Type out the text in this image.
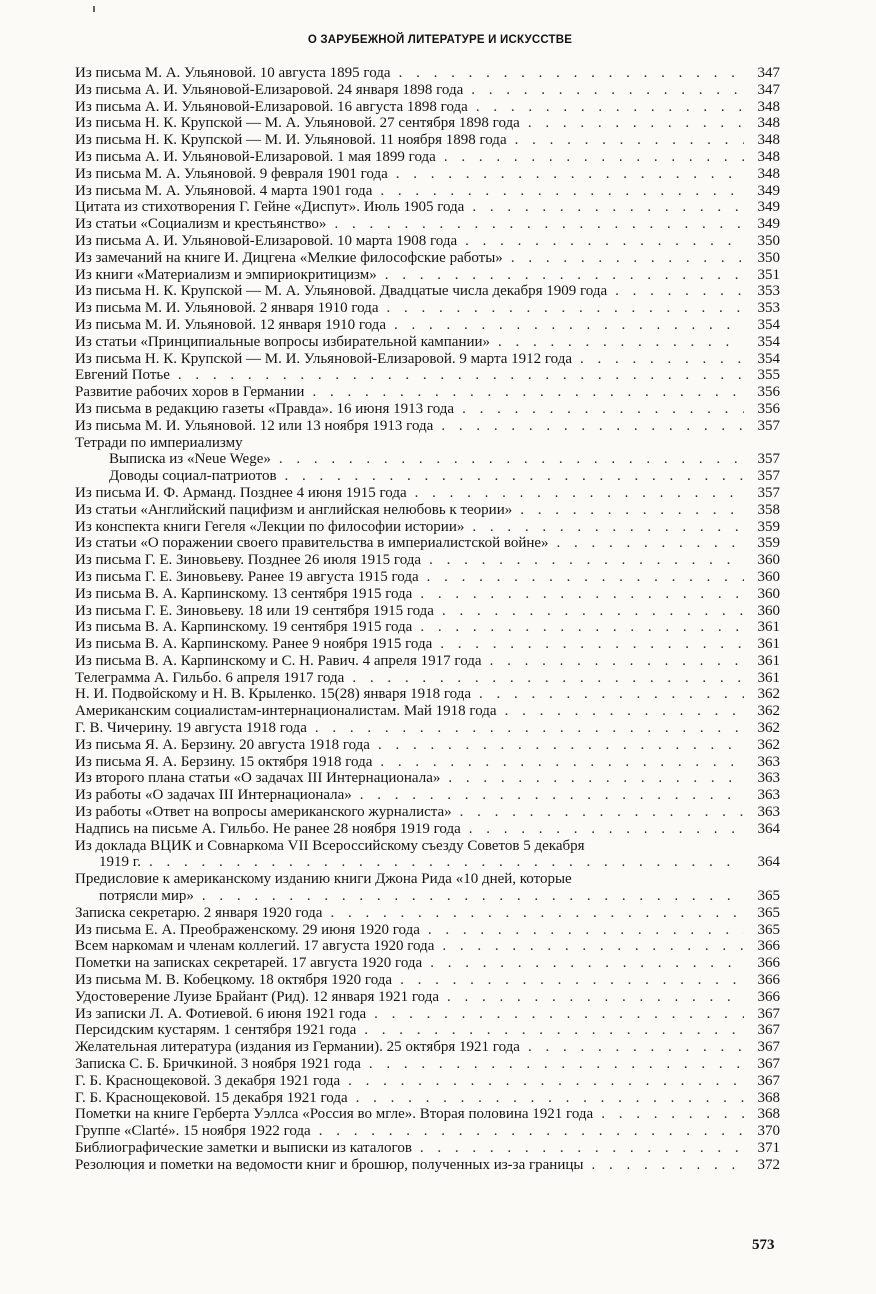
О ЗАРУБЕЖНОЙ ЛИТЕРАТУРЕ И ИСКУССТВЕ
Из письма М. А. Ульяновой. 10 августа 1895 года . . .	347
Из письма А. И. Ульяновой-Елизаровой. 24 января 1898 года . . .	347
Из письма А. И. Ульяновой-Елизаровой. 16 августа 1898 года . . .	348
Из письма Н. К. Крупской — М. А. Ульяновой. 27 сентября 1898 года . . .	348
Из письма Н. К. Крупской — М. И. Ульяновой. 11 ноября 1898 года . . .	348
Из письма А. И. Ульяновой-Елизаровой. 1 мая 1899 года . . .	348
Из письма М. А. Ульяновой. 9 февраля 1901 года . . .	348
Из письма М. А. Ульяновой. 4 марта 1901 года . . .	349
Цитата из стихотворения Г. Гейне «Диспут». Июль 1905 года . . .	349
Из статьи «Социализм и крестьянство» . . .	349
Из письма А. И. Ульяновой-Елизаровой. 10 марта 1908 года . . .	350
Из замечаний на книге И. Дицгена «Мелкие философские работы» . . .	350
Из книги «Материализм и эмпириокритицизм» . . .	351
Из письма Н. К. Крупской — М. А. Ульяновой. Двадцатые числа декабря 1909 года . . .	353
Из письма М. И. Ульяновой. 2 января 1910 года . . .	353
Из письма М. И. Ульяновой. 12 января 1910 года . . .	354
Из статьи «Принципиальные вопросы избирательной кампании» . . .	354
Из письма Н. К. Крупской — М. И. Ульяновой-Елизаровой. 9 марта 1912 года . . .	354
Евгений Потье . . .	355
Развитие рабочих хоров в Германии . . .	356
Из письма в редакцию газеты «Правда». 16 июня 1913 года . . .	356
Из письма М. И. Ульяновой. 12 или 13 ноября 1913 года . . .	357
Тетради по империализму
Выписка из «Neue Wege» . . .	357
Доводы социал-патриотов . . .	357
Из письма И. Ф. Арманд. Позднее 4 июня 1915 года . . .	357
Из статьи «Английский пацифизм и английская нелюбовь к теории» . . .	358
Из конспекта книги Гегеля «Лекции по философии истории» . . .	359
Из статьи «О поражении своего правительства в империалистской войне» . . .	359
Из письма Г. Е. Зиновьеву. Позднее 26 июля 1915 года . . .	360
Из письма Г. Е. Зиновьеву. Ранее 19 августа 1915 года . . .	360
Из письма В. А. Карпинскому. 13 сентября 1915 года . . .	360
Из письма Г. Е. Зиновьеву. 18 или 19 сентября 1915 года . . .	360
Из письма В. А. Карпинскому. 19 сентября 1915 года . . .	361
Из письма В. А. Карпинскому. Ранее 9 ноября 1915 года . . .	361
Из письма В. А. Карпинскому и С. Н. Равич. 4 апреля 1917 года . . .	361
Телеграмма А. Гильбо. 6 апреля 1917 года . . .	361
Н. И. Подвойскому и Н. В. Крыленко. 15(28) января 1918 года . . .	362
Американским социалистам-интернационалистам. Май 1918 года . . .	362
Г. В. Чичерину. 19 августа 1918 года . . .	362
Из письма Я. А. Берзину. 20 августа 1918 года . . .	362
Из письма Я. А. Берзину. 15 октября 1918 года . . .	363
Из второго плана статьи «О задачах III Интернационала» . . .	363
Из работы «О задачах III Интернационала» . . .	363
Из работы «Ответ на вопросы американского журналиста» . . .	363
Надпись на письме А. Гильбо. Не ранее 28 ноября 1919 года . . .	364
Из доклада ВЦИК и Совнаркома VII Всероссийскому съезду Советов 5 декабря
1919 г. . . .	364
Предисловие к американскому изданию книги Джона Рида «10 дней, которые
потрясли мир» . . .	365
Записка секретарю. 2 января 1920 года . . .	365
Из письма Е. А. Преображенскому. 29 июня 1920 года . . .	365
Всем наркомам и членам коллегий. 17 августа 1920 года . . .	366
Пометки на записках секретарей. 17 августа 1920 года . . .	366
Из письма М. В. Кобецкому. 18 октября 1920 года . . .	366
Удостоверение Луизе Брайант (Рид). 12 января 1921 года . . .	366
Из записки Л. А. Фотиевой. 6 июня 1921 года . . .	367
Персидским кустарям. 1 сентября 1921 года . . .	367
Желательная литература (издания из Германии). 25 октября 1921 года . . .	367
Записка С. Б. Бричкиной. 3 ноября 1921 года . . .	367
Г. Б. Краснощековой. 3 декабря 1921 года . . .	367
Г. Б. Краснощековой. 15 декабря 1921 года . . .	368
Пометки на книге Герберта Уэллса «Россия во мгле». Вторая половина 1921 года . . .	368
Группе «Clarté». 15 ноября 1922 года . . .	370
Библиографические заметки и выписки из каталогов . . .	371
Резолюция и пометки на ведомости книг и брошюр, полученных из-за границы . . .	372
573
